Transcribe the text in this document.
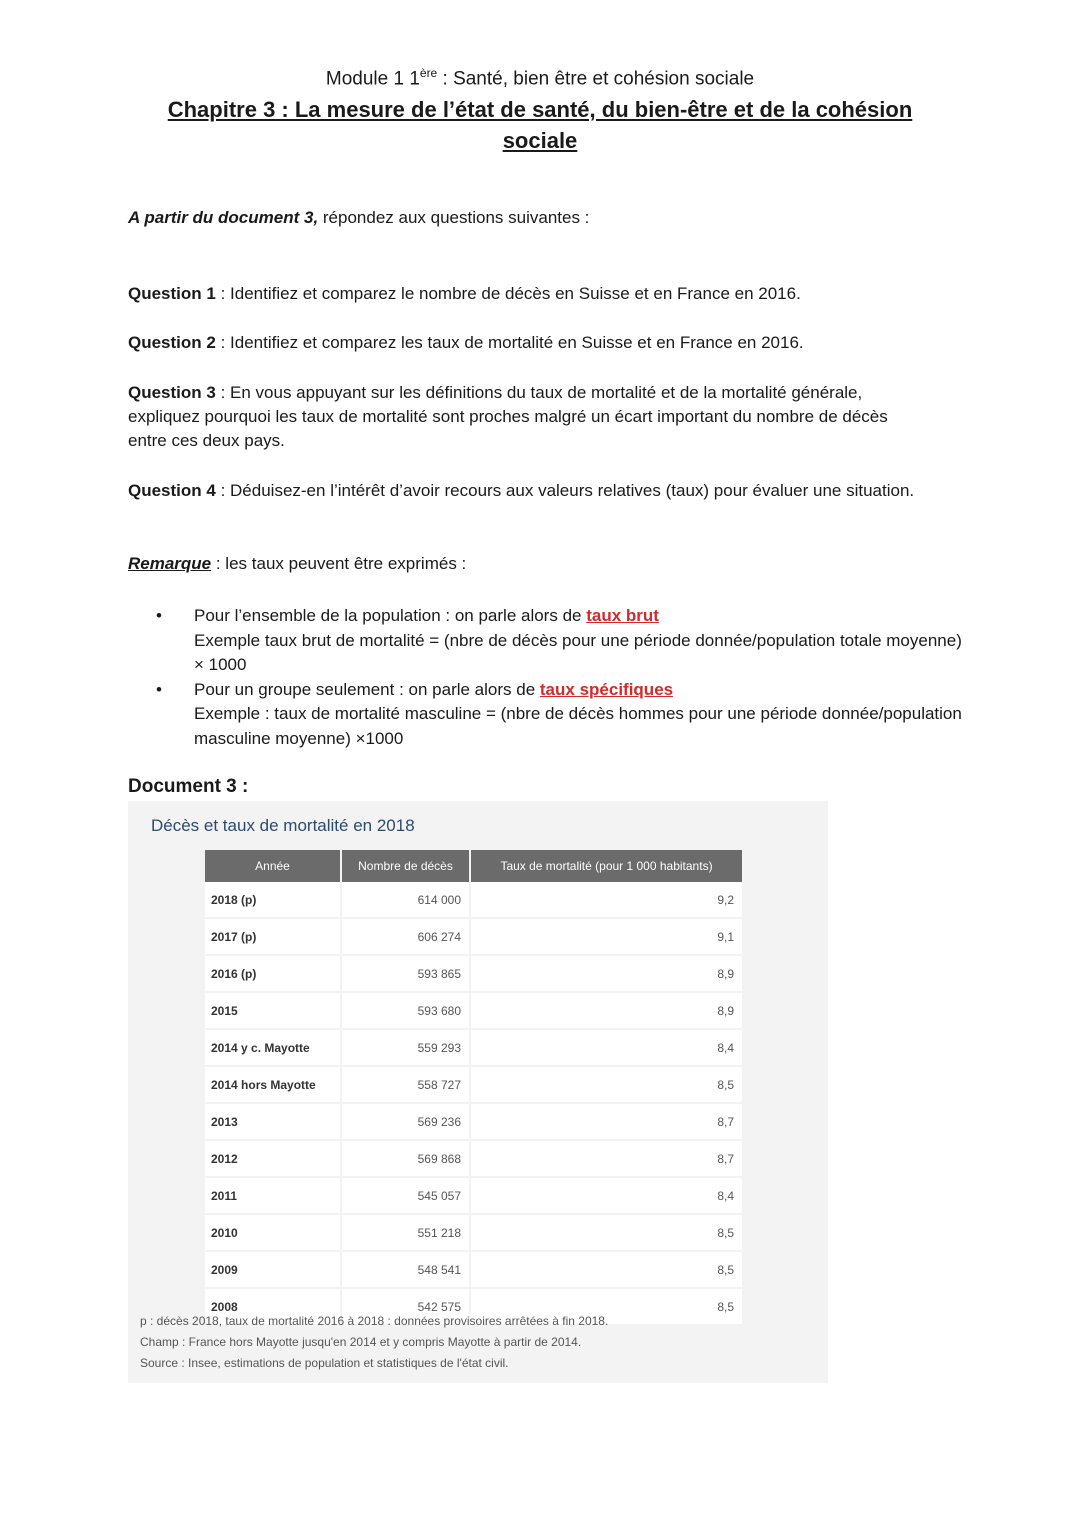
Module 1 1ère : Santé, bien être et cohésion sociale
Chapitre 3 : La mesure de l’état de santé, du bien-être et de la cohésion
sociale
A partir du document 3, répondez aux questions suivantes :
Question 1 : Identifiez et comparez le nombre de décès en Suisse et en France en 2016.
Question 2 : Identifiez et comparez les taux de mortalité en Suisse et en France en 2016.
Question 3 : En vous appuyant sur les définitions du taux de mortalité et de la mortalité générale, expliquez pourquoi les taux de mortalité sont proches malgré un écart important du nombre de décès entre ces deux pays.
Question 4 : Déduisez-en l’intérêt d’avoir recours aux valeurs relatives (taux) pour évaluer une situation.
Remarque : les taux peuvent être exprimés :
• Pour l’ensemble de la population : on parle alors de taux brut
Exemple taux brut de mortalité = (nbre de décès pour une période donnée/population totale moyenne) × 1000
• Pour un groupe seulement : on parle alors de taux spécifiques
Exemple : taux de mortalité masculine = (nbre de décès hommes pour une période donnée/population masculine moyenne) ×1000
Document 3 :
Décès et taux de mortalité en 2018
Année	Nombre de décès	Taux de mortalité (pour 1 000 habitants)
2018 (p)	614 000	9,2
2017 (p)	606 274	9,1
2016 (p)	593 865	8,9
2015	593 680	8,9
2014 y c. Mayotte	559 293	8,4
2014 hors Mayotte	558 727	8,5
2013	569 236	8,7
2012	569 868	8,7
2011	545 057	8,4
2010	551 218	8,5
2009	548 541	8,5
2008	542 575	8,5
p : décès 2018, taux de mortalité 2016 à 2018 : données provisoires arrêtées à fin 2018.
Champ : France hors Mayotte jusqu'en 2014 et y compris Mayotte à partir de 2014.
Source : Insee, estimations de population et statistiques de l'état civil.
